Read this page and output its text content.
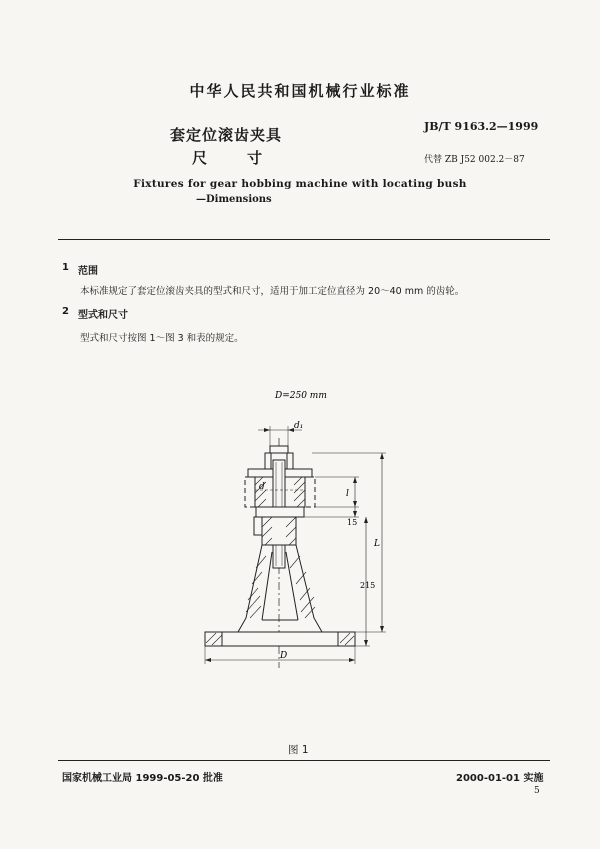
中华人民共和国机械行业标准
套定位滚齿夹具
尺寸
JB/T 9163.2—1999
代替 ZB J52 002.2－87
Fixtures for gear hobbing machine with locating bush
—Dimensions
1 范围
本标准规定了套定位滚齿夹具的型式和尺寸，适用于加工定位直径为 20～40 mm 的齿轮。
2 型式和尺寸
型式和尺寸按图 1～图 3 和表的规定。
D=250 mm
d₁
d
l
15
L
215
D
图 1
国家机械工业局 1999-05-20 批准	2000-01-01 实施
5
